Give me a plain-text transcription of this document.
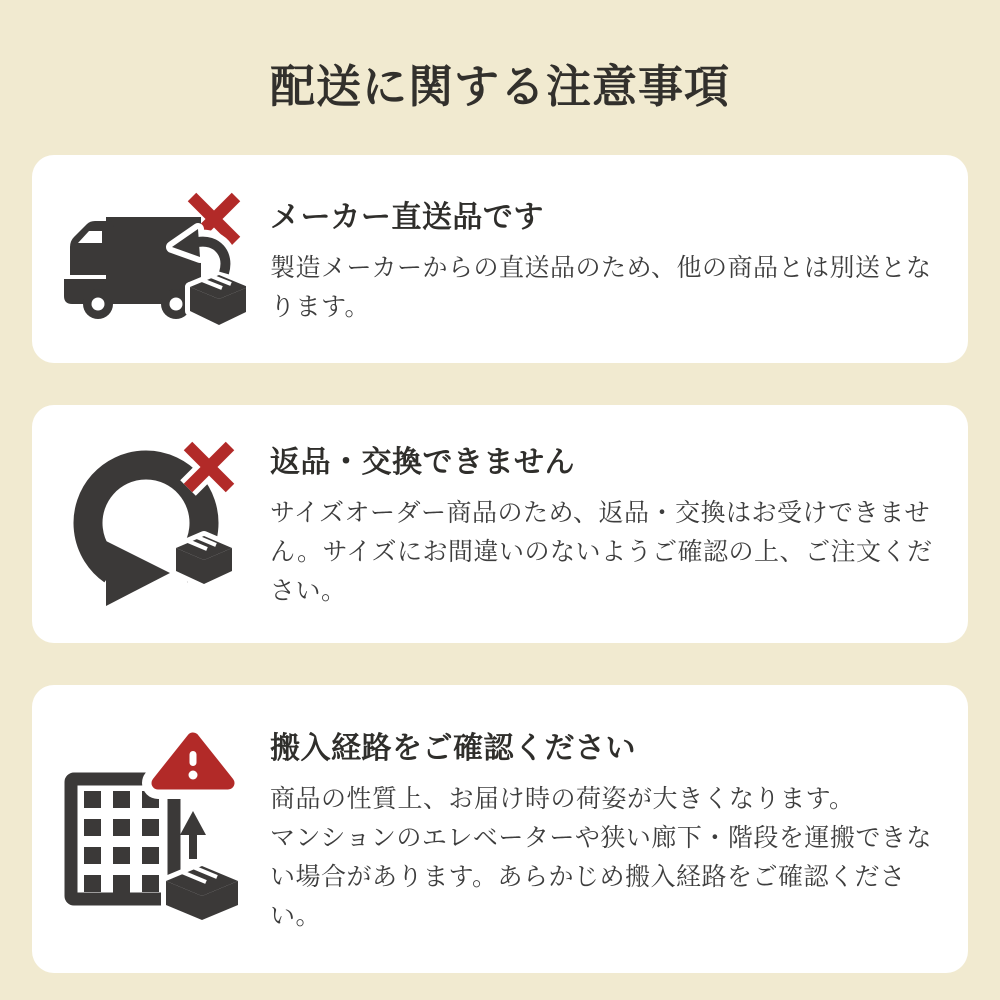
配送に関する注意事項
メーカー直送品です
製造メーカーからの直送品のため、他の商品とは別送となります。
返品・交換できません
サイズオーダー商品のため、返品・交換はお受けできません。サイズにお間違いのないようご確認の上、ご注文ください。
搬入経路をご確認ください
商品の性質上、お届け時の荷姿が大きくなります。
マンションのエレベーターや狭い廊下・階段を運搬できない場合があります。あらかじめ搬入経路をご確認ください。
